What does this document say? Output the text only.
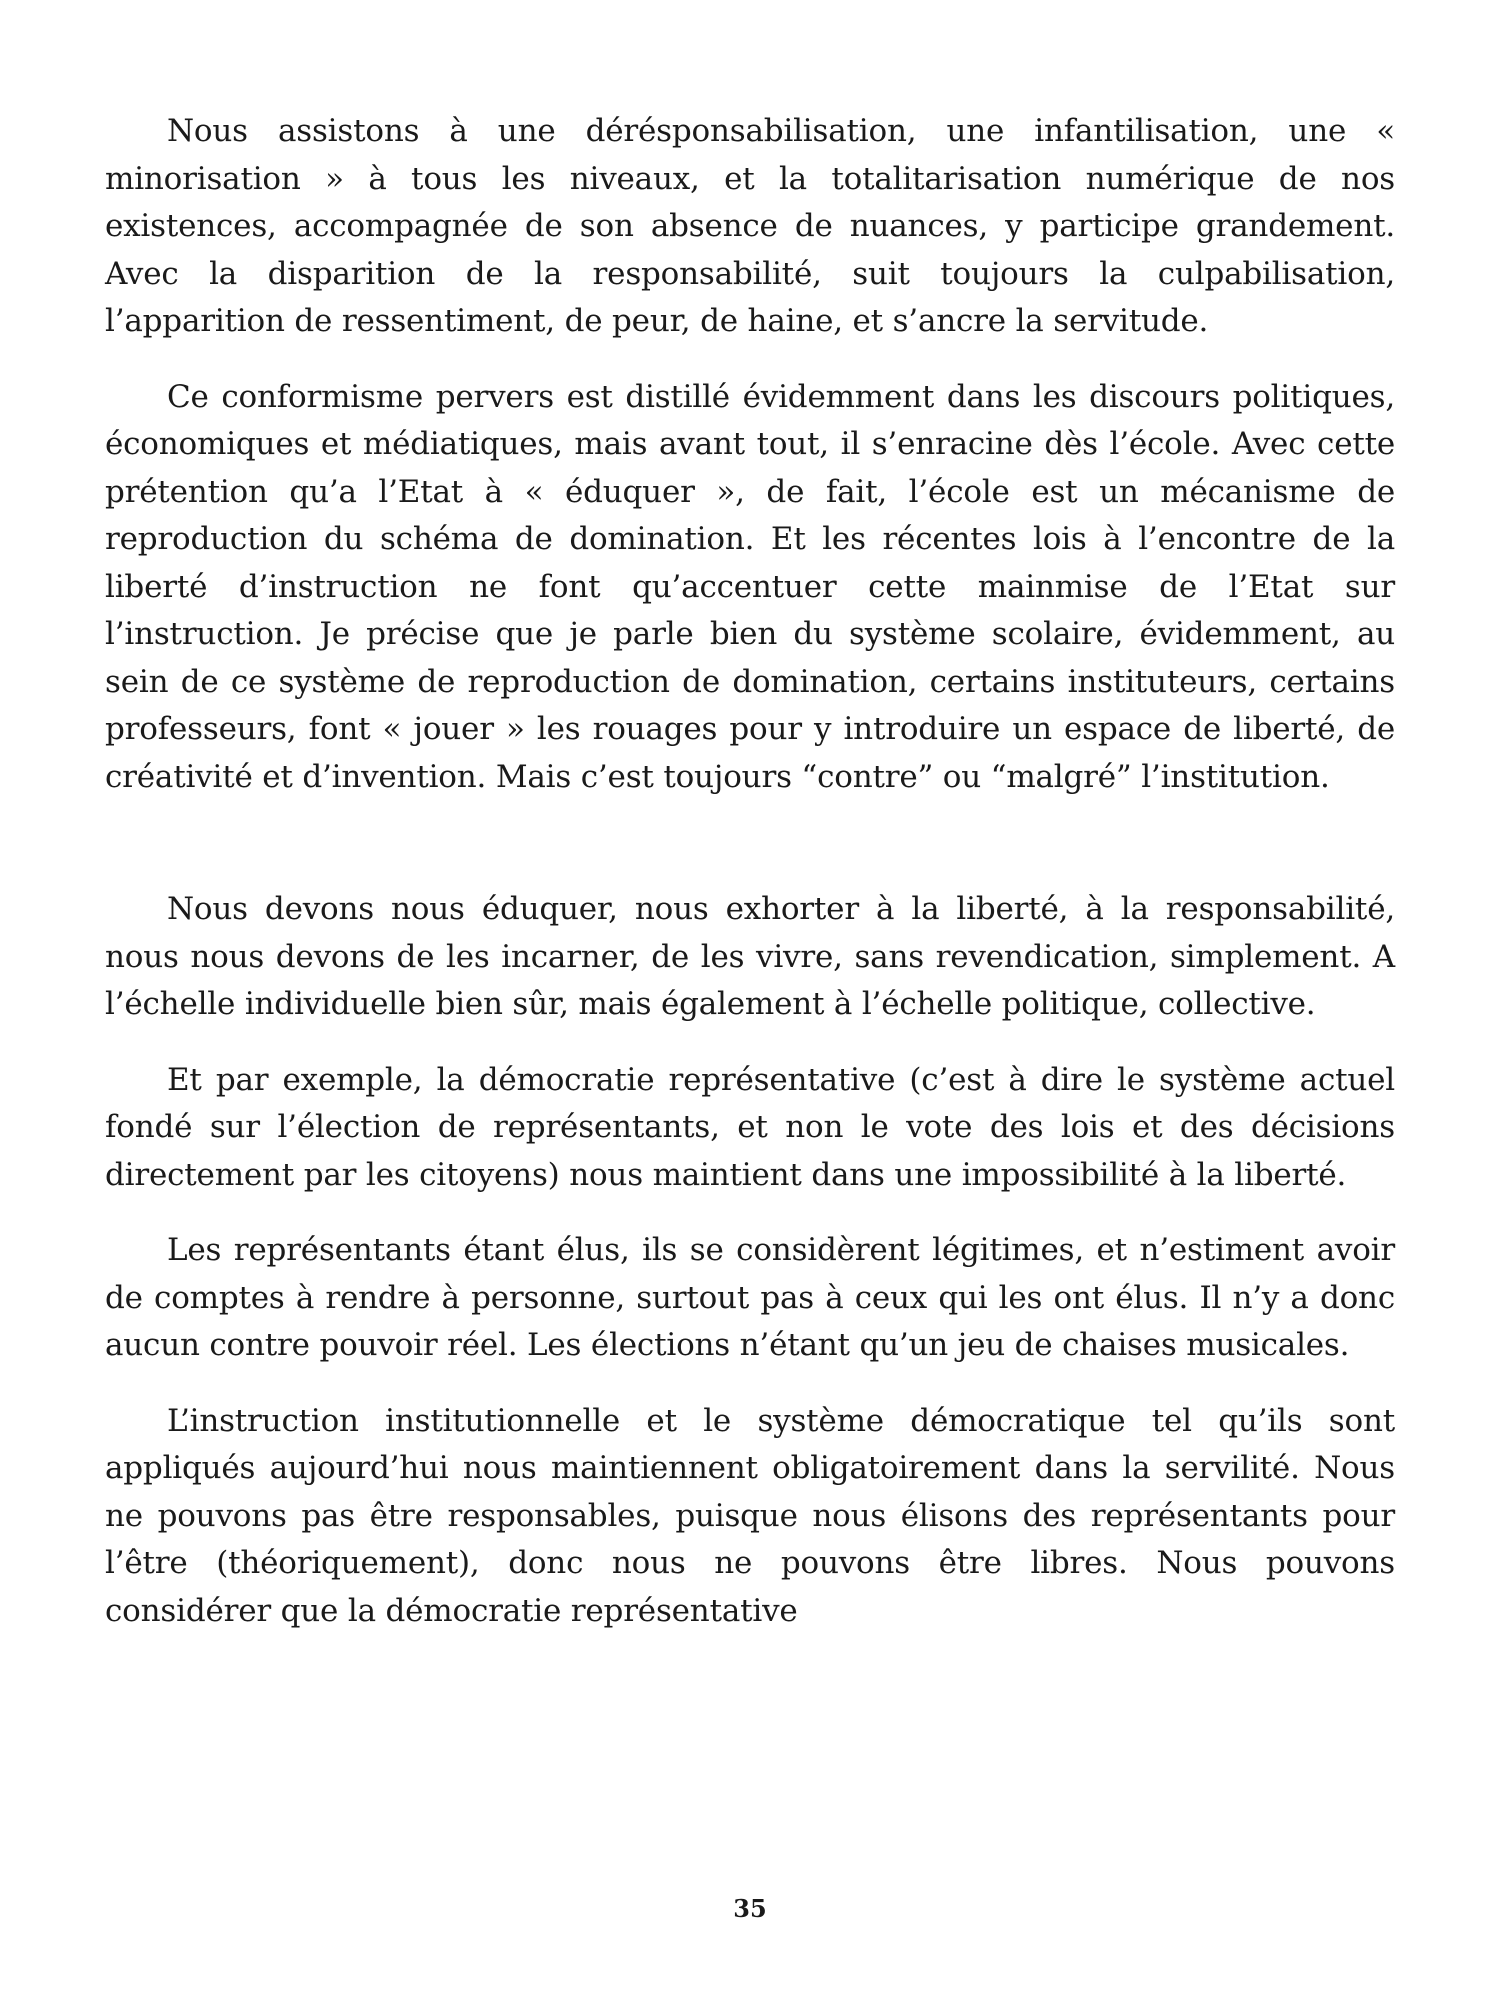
Nous assistons à une dérésponsabilisation, une infantilisation, une « minorisation » à tous les niveaux, et la totalitarisation numérique de nos existences, accompagnée de son absence de nuances, y participe grandement. Avec la disparition de la responsabilité, suit toujours la culpabilisation, l’apparition de ressentiment, de peur, de haine, et s’ancre la servitude.

Ce conformisme pervers est distillé évidemment dans les discours politiques, économiques et médiatiques, mais avant tout, il s’enracine dès l’école. Avec cette prétention qu’a l’Etat à « éduquer », de fait, l’école est un mécanisme de reproduction du schéma de domination. Et les récentes lois à l’encontre de la liberté d’instruction ne font qu’accentuer cette mainmise de l’Etat sur l’instruction. Je précise que je parle bien du système scolaire, évidemment, au sein de ce système de reproduction de domination, certains instituteurs, certains professeurs, font « jouer » les rouages pour y introduire un espace de liberté, de créativité et d’invention. Mais c’est toujours “contre” ou “malgré” l’institution.

Nous devons nous éduquer, nous exhorter à la liberté, à la responsabilité, nous nous devons de les incarner, de les vivre, sans revendication, simplement. A l’échelle individuelle bien sûr, mais également à l’échelle politique, collective.

Et par exemple, la démocratie représentative (c’est à dire le système actuel fondé sur l’élection de représentants, et non le vote des lois et des décisions directement par les citoyens) nous maintient dans une impossibilité à la liberté.

Les représentants étant élus, ils se considèrent légitimes, et n’estiment avoir de comptes à rendre à personne, surtout pas à ceux qui les ont élus. Il n’y a donc aucun contre pouvoir réel. Les élections n’étant qu’un jeu de chaises musicales.

L’instruction institutionnelle et le système démocratique tel qu’ils sont appliqués aujourd’hui nous maintiennent obligatoirement dans la servilité. Nous ne pouvons pas être responsables, puisque nous élisons des représentants pour l’être (théoriquement), donc nous ne pouvons être libres. Nous pouvons considérer que la démocratie représentative

35
